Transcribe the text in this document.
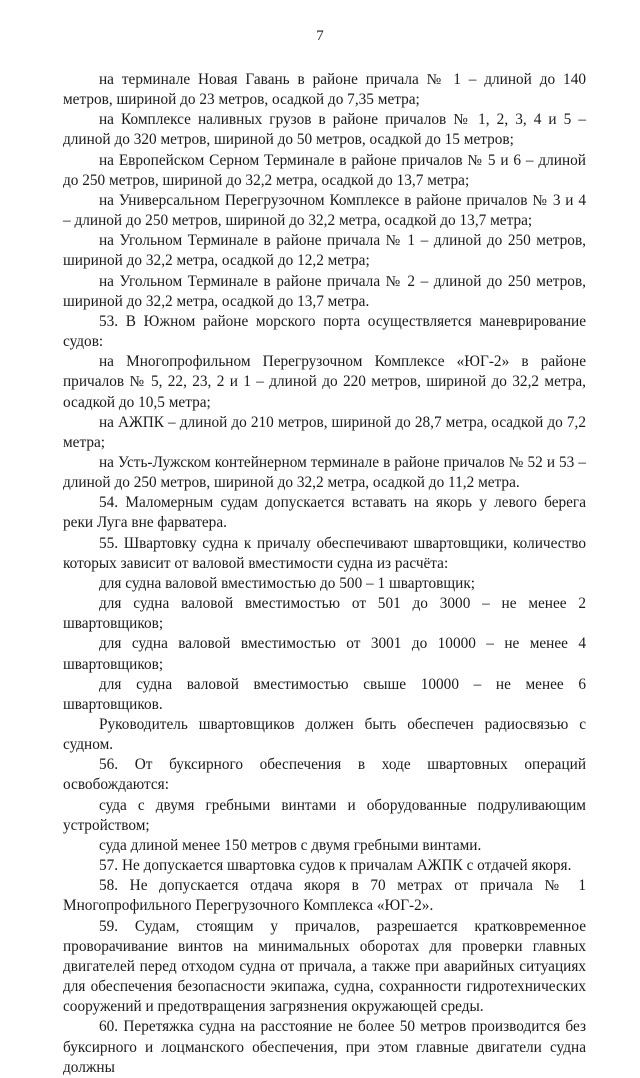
7

на терминале Новая Гавань в районе причала № 1 – длиной до 140 метров, шириной до 23 метров, осадкой до 7,35 метра;

на Комплексе наливных грузов в районе причалов № 1, 2, 3, 4 и 5 – длиной до 320 метров, шириной до 50 метров, осадкой до 15 метров;

на Европейском Серном Терминале в районе причалов № 5 и 6 – длиной до 250 метров, шириной до 32,2 метра, осадкой до 13,7 метра;

на Универсальном Перегрузочном Комплексе в районе причалов № 3 и 4 – длиной до 250 метров, шириной до 32,2 метра, осадкой до 13,7 метра;

на Угольном Терминале в районе причала № 1 – длиной до 250 метров, шириной до 32,2 метра, осадкой до 12,2 метра;

на Угольном Терминале в районе причала № 2 – длиной до 250 метров, шириной до 32,2 метра, осадкой до 13,7 метра.

53. В Южном районе морского порта осуществляется маневрирование судов:

на Многопрофильном Перегрузочном Комплексе «ЮГ-2» в районе причалов № 5, 22, 23, 2 и 1 – длиной до 220 метров, шириной до 32,2 метра, осадкой до 10,5 метра;

на АЖПК – длиной до 210 метров, шириной до 28,7 метра, осадкой до 7,2 метра;

на Усть-Лужском контейнерном терминале в районе причалов № 52 и 53 – длиной до 250 метров, шириной до 32,2 метра, осадкой до 11,2 метра.

54. Маломерным судам допускается вставать на якорь у левого берега реки Луга вне фарватера.

55. Швартовку судна к причалу обеспечивают швартовщики, количество которых зависит от валовой вместимости судна из расчёта:

для судна валовой вместимостью до 500 – 1 швартовщик;

для судна валовой вместимостью от 501 до 3000 – не менее 2 швартовщиков;

для судна валовой вместимостью от 3001 до 10000 – не менее 4 швартовщиков;

для судна валовой вместимостью свыше 10000 – не менее 6 швартовщиков.

Руководитель швартовщиков должен быть обеспечен радиосвязью с судном.

56. От буксирного обеспечения в ходе швартовных операций освобождаются:

суда с двумя гребными винтами и оборудованные подруливающим устройством;

суда длиной менее 150 метров с двумя гребными винтами.

57. Не допускается швартовка судов к причалам АЖПК с отдачей якоря.

58. Не допускается отдача якоря в 70 метрах от причала № 1 Многопрофильного Перегрузочного Комплекса «ЮГ-2».

59. Судам, стоящим у причалов, разрешается кратковременное проворачивание винтов на минимальных оборотах для проверки главных двигателей перед отходом судна от причала, а также при аварийных ситуациях для обеспечения безопасности экипажа, судна, сохранности гидротехнических сооружений и предотвращения загрязнения окружающей среды.

60. Перетяжка судна на расстояние не более 50 метров производится без буксирного и лоцманского обеспечения, при этом главные двигатели судна должны
